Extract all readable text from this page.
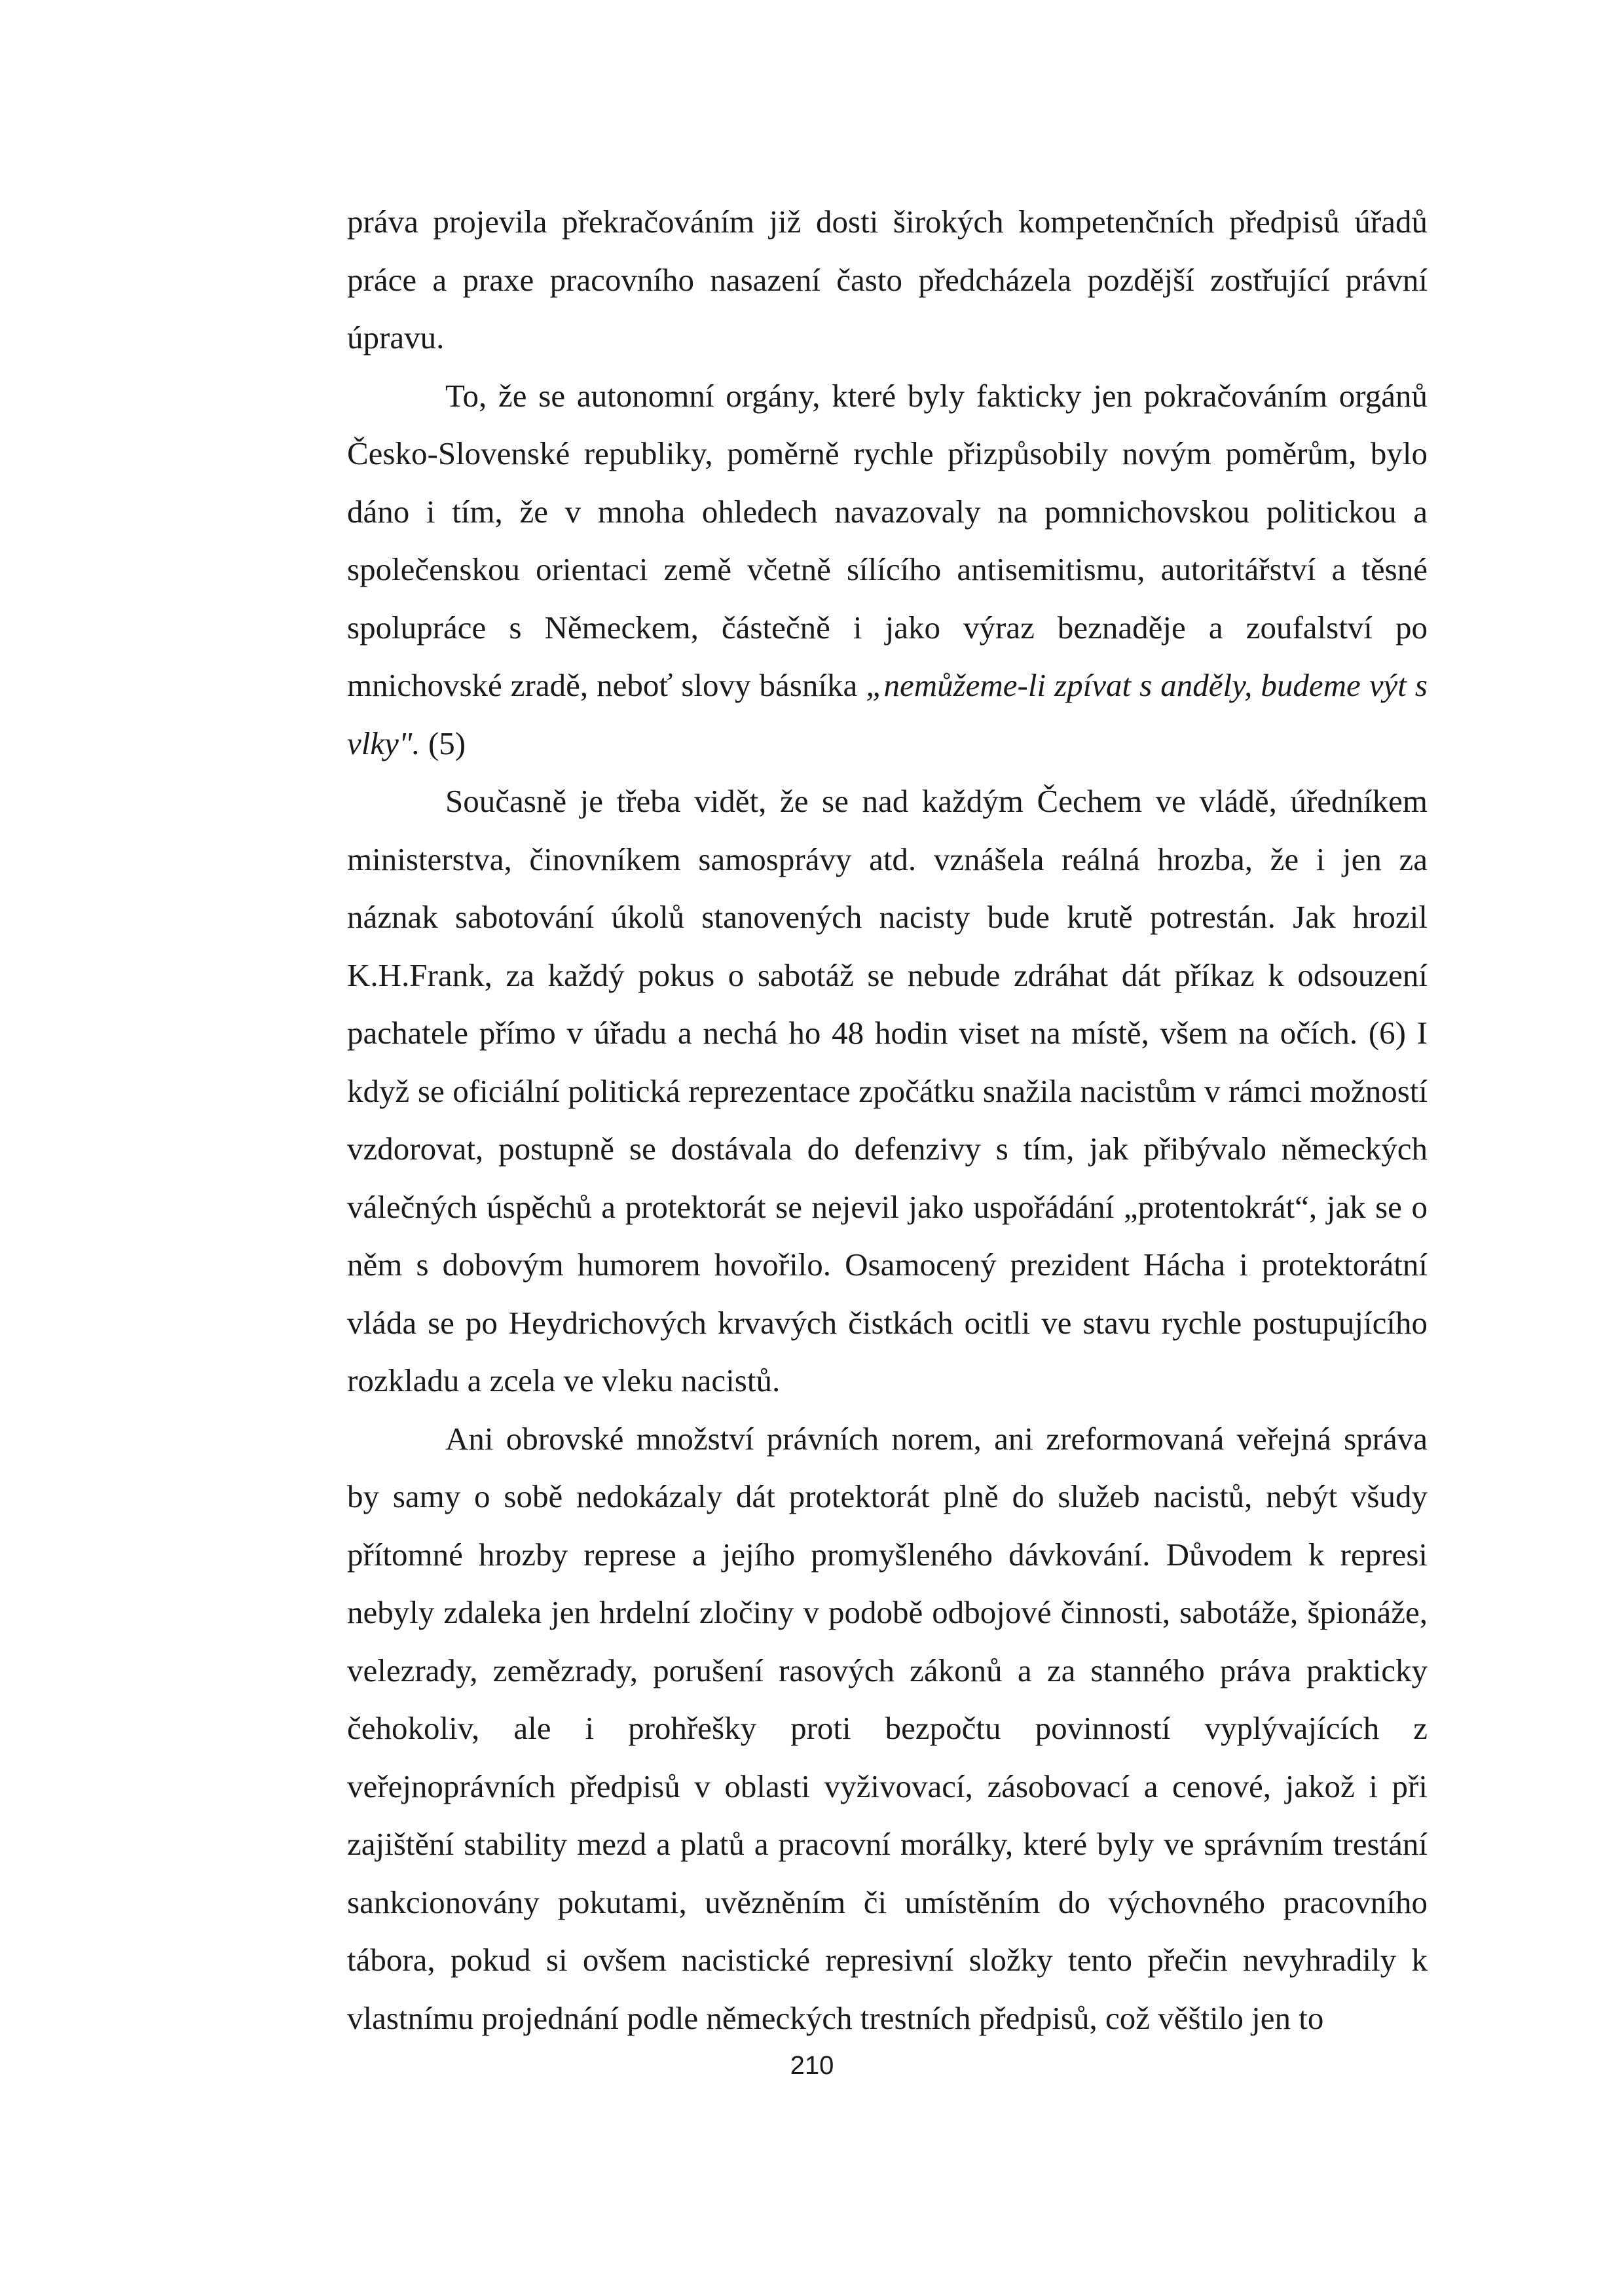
práva projevila překračováním již dosti širokých kompetenčních předpisů úřadů práce a praxe pracovního nasazení často předcházela pozdější zostřující právní úpravu.

To, že se autonomní orgány, které byly fakticky jen pokračováním orgánů Česko-Slovenské republiky, poměrně rychle přizpůsobily novým poměrům, bylo dáno i tím, že v mnoha ohledech navazovaly na pomnichovskou politickou a společenskou orientaci země včetně sílícího antisemitismu, autoritářství a těsné spolupráce s Německem, částečně i jako výraz beznaděje a zoufalství po mnichovské zradě, neboť slovy básníka „nemůžeme-li zpívat s anděly, budeme výt s vlky". (5)

Současně je třeba vidět, že se nad každým Čechem ve vládě, úředníkem ministerstva, činovníkem samosprávy atd. vznášela reálná hrozba, že i jen za náznak sabotování úkolů stanovených nacisty bude krutě potrestán. Jak hrozil K.H.Frank, za každý pokus o sabotáž se nebude zdráhat dát příkaz k odsouzení pachatele přímo v úřadu a nechá ho 48 hodin viset na místě, všem na očích. (6) I když se oficiální politická reprezentace zpočátku snažila nacistům v rámci možností vzdorovat, postupně se dostávala do defenzivy s tím, jak přibývalo německých válečných úspěchů a protektorát se nejevil jako uspořádání „protentokrát“, jak se o něm s dobovým humorem hovořilo. Osamocený prezident Hácha i protektorátní vláda se po Heydrichových krvavých čistkách ocitli ve stavu rychle postupujícího rozkladu a zcela ve vleku nacistů.

Ani obrovské množství právních norem, ani zreformovaná veřejná správa by samy o sobě nedokázaly dát protektorát plně do služeb nacistů, nebýt všudy přítomné hrozby represe a jejího promyšleného dávkování. Důvodem k represi nebyly zdaleka jen hrdelní zločiny v podobě odbojové činnosti, sabotáže, špionáže, velezrady, zemězrady, porušení rasových zákonů a za stanného práva prakticky čehokoliv, ale i prohřešky proti bezpočtu povinností vyplývajících z veřejnoprávních předpisů v oblasti vyživovací, zásobovací a cenové, jakož i při zajištění stability mezd a platů a pracovní morálky, které byly ve správním trestání sankcionovány pokutami, uvězněním či umístěním do výchovného pracovního tábora, pokud si ovšem nacistické represivní složky tento přečin nevyhradily k vlastnímu projednání podle německých trestních předpisů, což věštilo jen to

210
